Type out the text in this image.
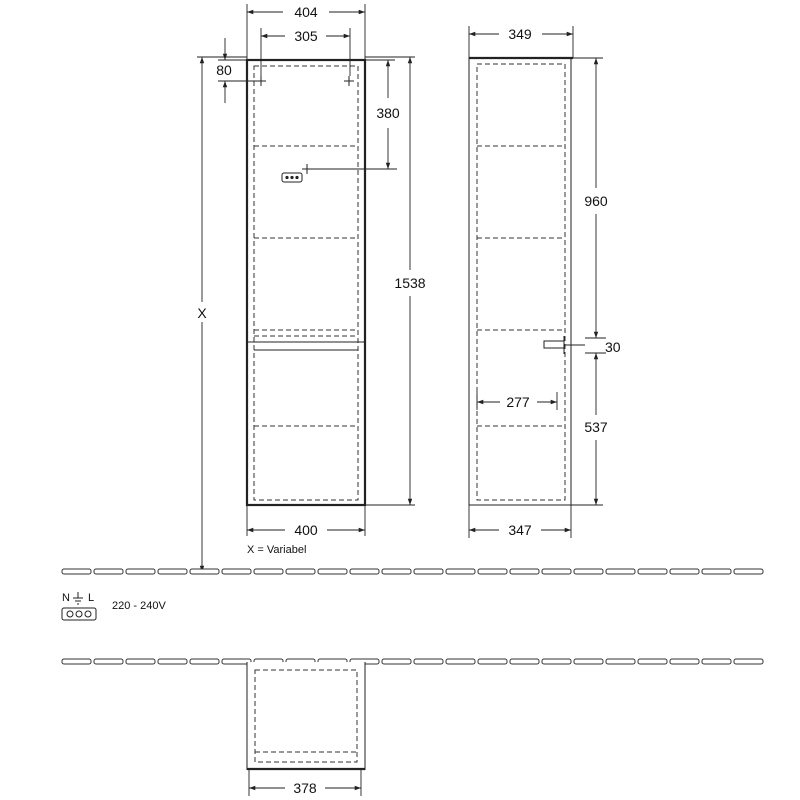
404
305
80
380
1538
X
400
X = Variabel
349
960
30
537
277
347
N L
220 - 240V
378
